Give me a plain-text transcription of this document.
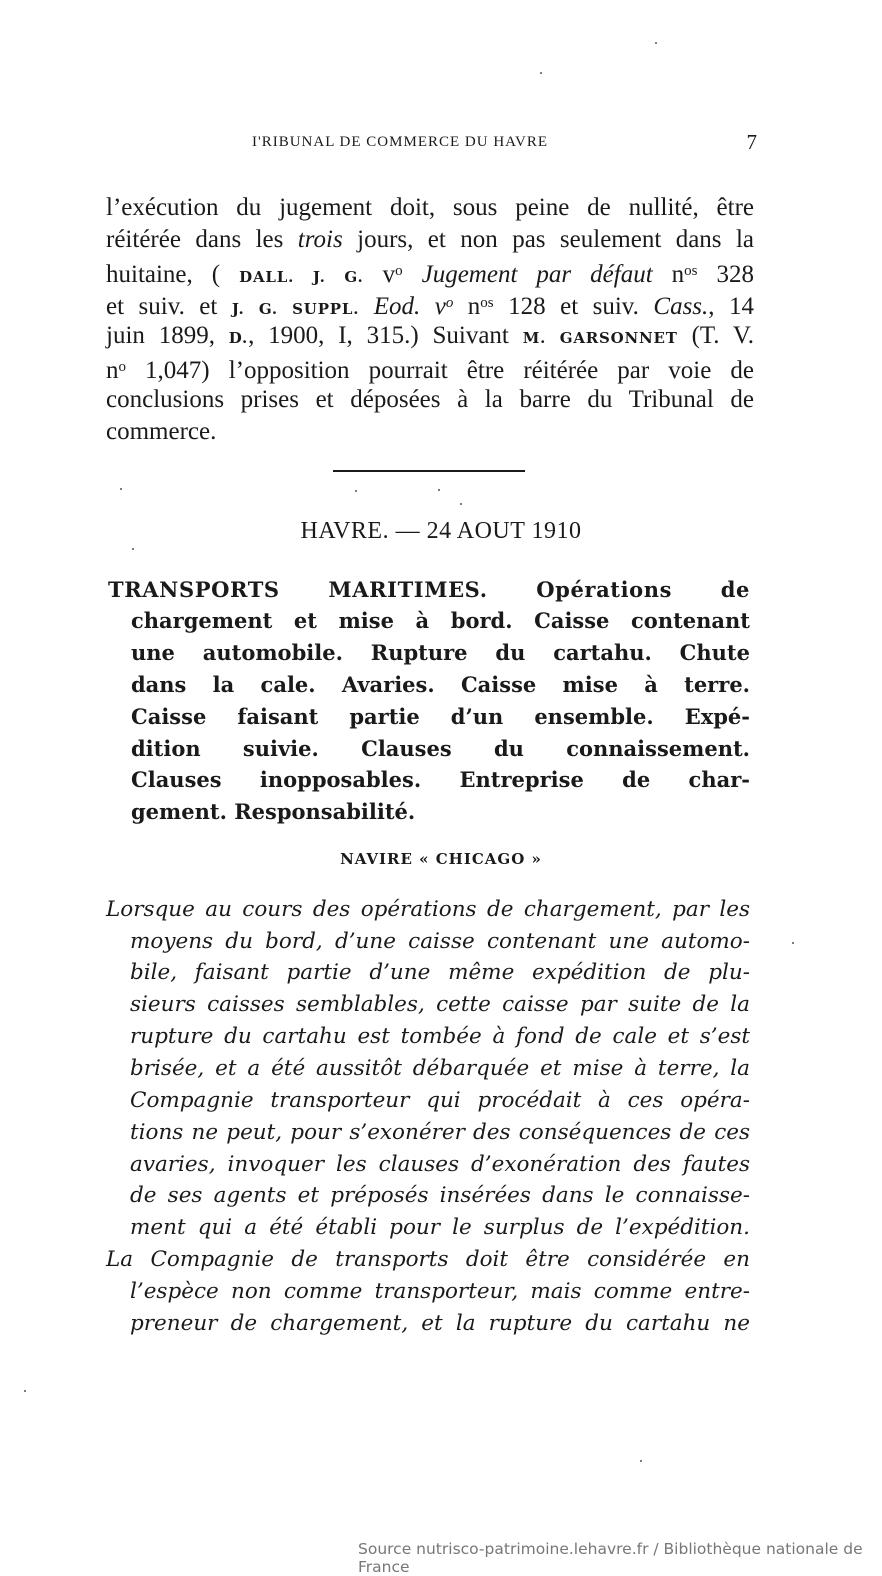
I'RIBUNAL DE COMMERCE DU HAVRE	7
l’exécution du jugement doit, sous peine de nullité, être
réitérée dans les trois jours, et non pas seulement dans la
huitaine, ( DALL. J. G. $v^o$ Jugement par défaut $n^{os}$ 328
et suiv. et J. G. SUPPL. Eod. $v^o$ $n^{os}$ 128 et suiv. Cass., 14
juin 1899, D., 1900, I, 315.) Suivant M. GARSONNET (T. V.
$n^o$ 1,047) l’opposition pourrait être réitérée par voie de
conclusions prises et déposées à la barre du Tribunal de
commerce.
HAVRE. — 24 AOUT 1910
TRANSPORTS MARITIMES. Opérations de
chargement et mise à bord. Caisse contenant
une automobile. Rupture du cartahu. Chute
dans la cale. Avaries. Caisse mise à terre.
Caisse faisant partie d’un ensemble. Expé-
dition suivie. Clauses du connaissement.
Clauses inopposables. Entreprise de char-
gement. Responsabilité.
NAVIRE « CHICAGO »
Lorsque au cours des opérations de chargement, par les
moyens du bord, d’une caisse contenant une automo-
bile, faisant partie d’une même expédition de plu-
sieurs caisses semblables, cette caisse par suite de la
rupture du cartahu est tombée à fond de cale et s’est
brisée, et a été aussitôt débarquée et mise à terre, la
Compagnie transporteur qui procédait à ces opéra-
tions ne peut, pour s’exonérer des conséquences de ces
avaries, invoquer les clauses d’exonération des fautes
de ses agents et préposés insérées dans le connaisse-
ment qui a été établi pour le surplus de l’expédition.
La Compagnie de transports doit être considérée en
l’espèce non comme transporteur, mais comme entre-
preneur de chargement, et la rupture du cartahu ne
Source nutrisco-patrimoine.lehavre.fr / Bibliothèque nationale de France
